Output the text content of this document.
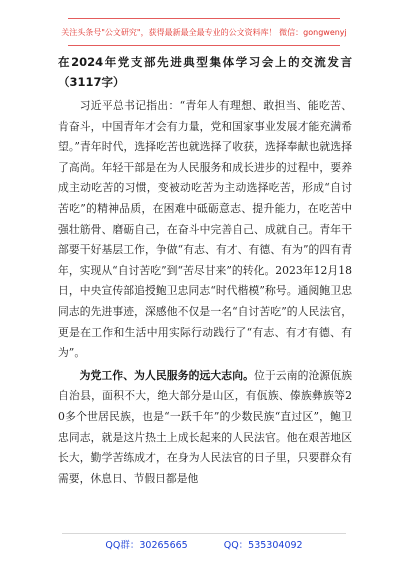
关注头条号"公文研究"，获得最新最全最专业的公文资料库！ 微信：gongwenyj
在2024年党支部先进典型集体学习会上的交流发言（3117字）

习近平总书记指出：“青年人有理想、敢担当、能吃苦、肯奋斗，中国青年才会有力量，党和国家事业发展才能充满希望。”青年时代，选择吃苦也就选择了收获，选择奉献也就选择了高尚。年轻干部是在为人民服务和成长进步的过程中，要养成主动吃苦的习惯，变被动吃苦为主动选择吃苦，形成“自讨苦吃”的精神品质，在困难中砥砺意志、提升能力，在吃苦中强壮筋骨、磨砺自己，在奋斗中完善自己、成就自己。青年干部要干好基层工作，争做“有志、有才、有德、有为”的四有青年，实现从“自讨苦吃”到“苦尽甘来”的转化。2023年12月18日，中央宣传部追授鲍卫忠同志“时代楷模”称号。通阅鲍卫忠同志的先进事迹，深感他不仅是一名“自讨苦吃”的人民法官，更是在工作和生活中用实际行动践行了“有志、有才有德、有为”。

为党工作、为人民服务的远大志向。位于云南的沧源佤族自治县，面积不大，绝大部分是山区，有佤族、傣族彝族等20多个世居民族，也是“一跃千年”的少数民族“直过区”，鲍卫忠同志，就是这片热土上成长起来的人民法官。他在艰苦地区长大，勤学苦练成才，在身为人民法官的日子里，只要群众有需要，休息日、节假日都是他

QQ群：30265665	QQ：535304092
